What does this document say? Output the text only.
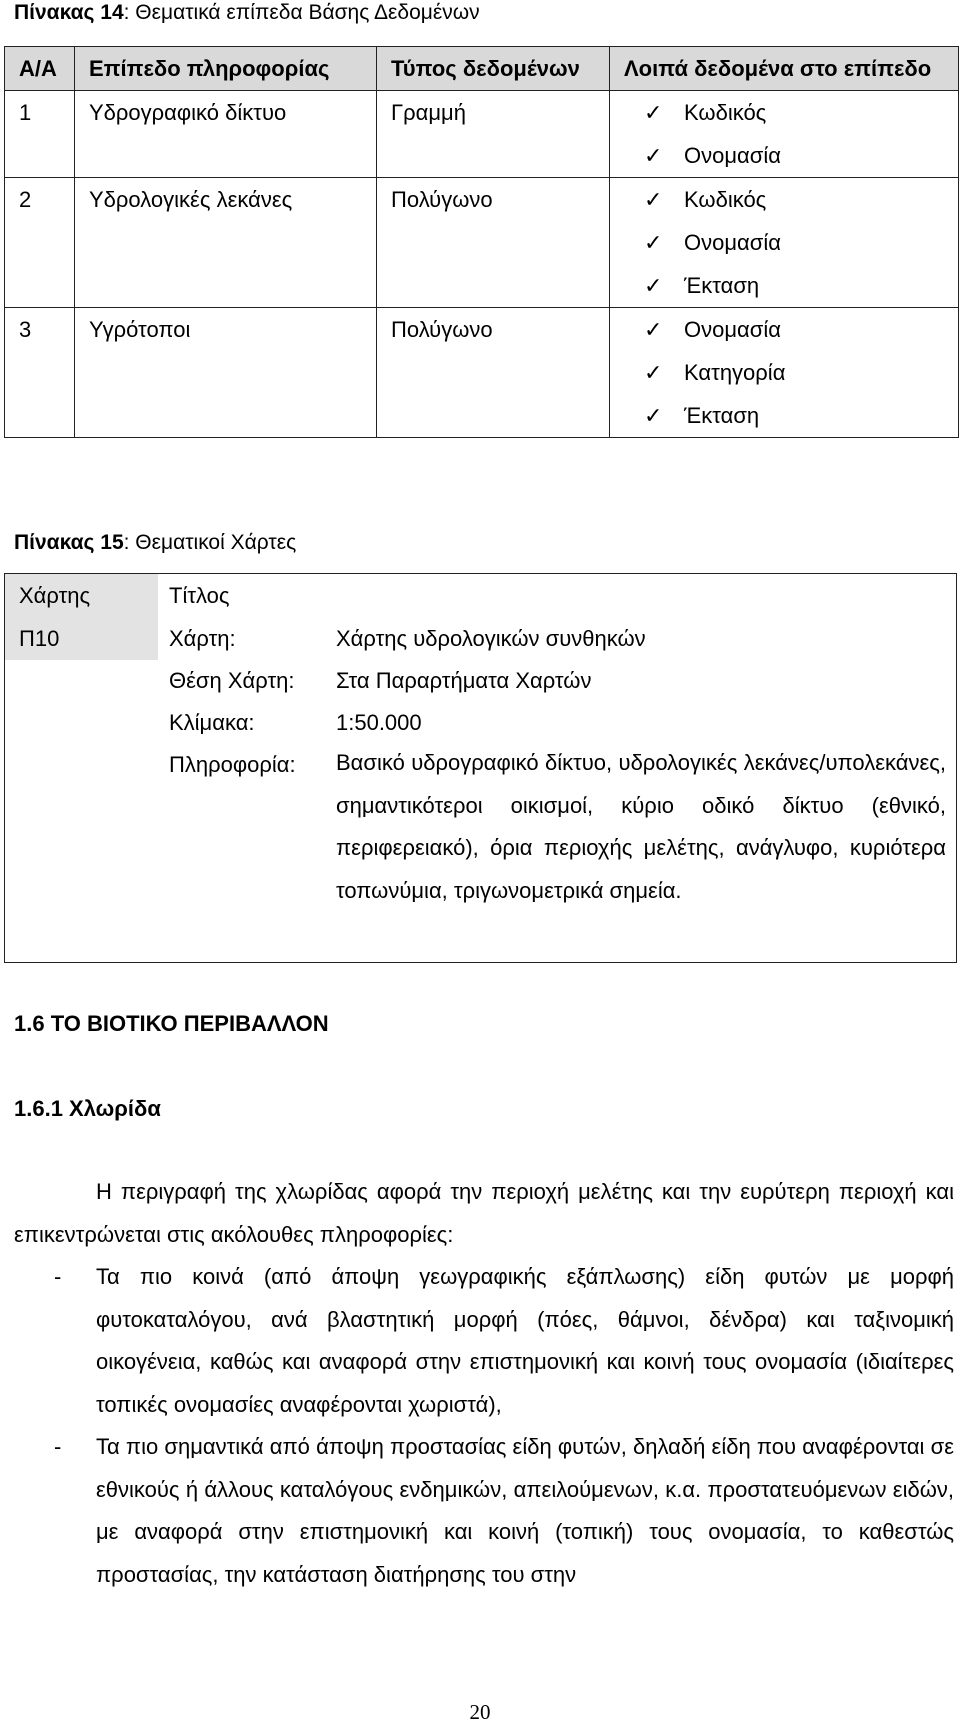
Πίνακας 14: Θεματικά επίπεδα Βάσης Δεδομένων
Α/Α	Επίπεδο πληροφορίας	Τύπος δεδομένων	Λοιπά δεδομένα στο επίπεδο
1	Υδρογραφικό δίκτυο	Γραμμή	✓ Κωδικός
✓ Ονομασία

2	Υδρολογικές λεκάνες	Πολύγωνο	✓ Κωδικός
✓ Ονομασία
✓ Έκταση

3	Υγρότοποι	Πολύγωνο	✓ Ονομασία
✓ Κατηγορία
✓ Έκταση
Πίνακας 15: Θεματικοί Χάρτες
Χάρτης
Π10
Τίτλος
Χάρτη:	Χάρτης υδρολογικών συνθηκών
Θέση Χάρτη: Στα Παραρτήματα Χαρτών
Κλίμακα:	1:50.000
Πληροφορία: Βασικό υδρογραφικό δίκτυο, υδρολογικές λεκάνες/υπολεκάνες, σημαντικότεροι οικισμοί, κύριο οδικό δίκτυο (εθνικό, περιφερειακό), όρια περιοχής μελέτης, ανάγλυφο, κυριότερα τοπωνύμια, τριγωνομετρικά σημεία.
1.6 ΤΟ ΒΙΟΤΙΚΟ ΠΕΡΙΒΑΛΛΟΝ
1.6.1 Χλωρίδα

Η περιγραφή της χλωρίδας αφορά την περιοχή μελέτης και την ευρύτερη περιοχή και επικεντρώνεται στις ακόλουθες πληροφορίες:

- Τα πιο κοινά (από άποψη γεωγραφικής εξάπλωσης) είδη φυτών με μορφή φυτοκαταλόγου, ανά βλαστητική μορφή (πόες, θάμνοι, δένδρα) και ταξινομική οικογένεια, καθώς και αναφορά στην επιστημονική και κοινή τους ονομασία (ιδιαίτερες τοπικές ονομασίες αναφέρονται χωριστά),
- Τα πιο σημαντικά από άποψη προστασίας είδη φυτών, δηλαδή είδη που αναφέρονται σε εθνικούς ή άλλους καταλόγους ενδημικών, απειλούμενων, κ.α. προστατευόμενων ειδών, με αναφορά στην επιστημονική και κοινή (τοπική) τους ονομασία, το καθεστώς προστασίας, την κατάσταση διατήρησης του στην
20
